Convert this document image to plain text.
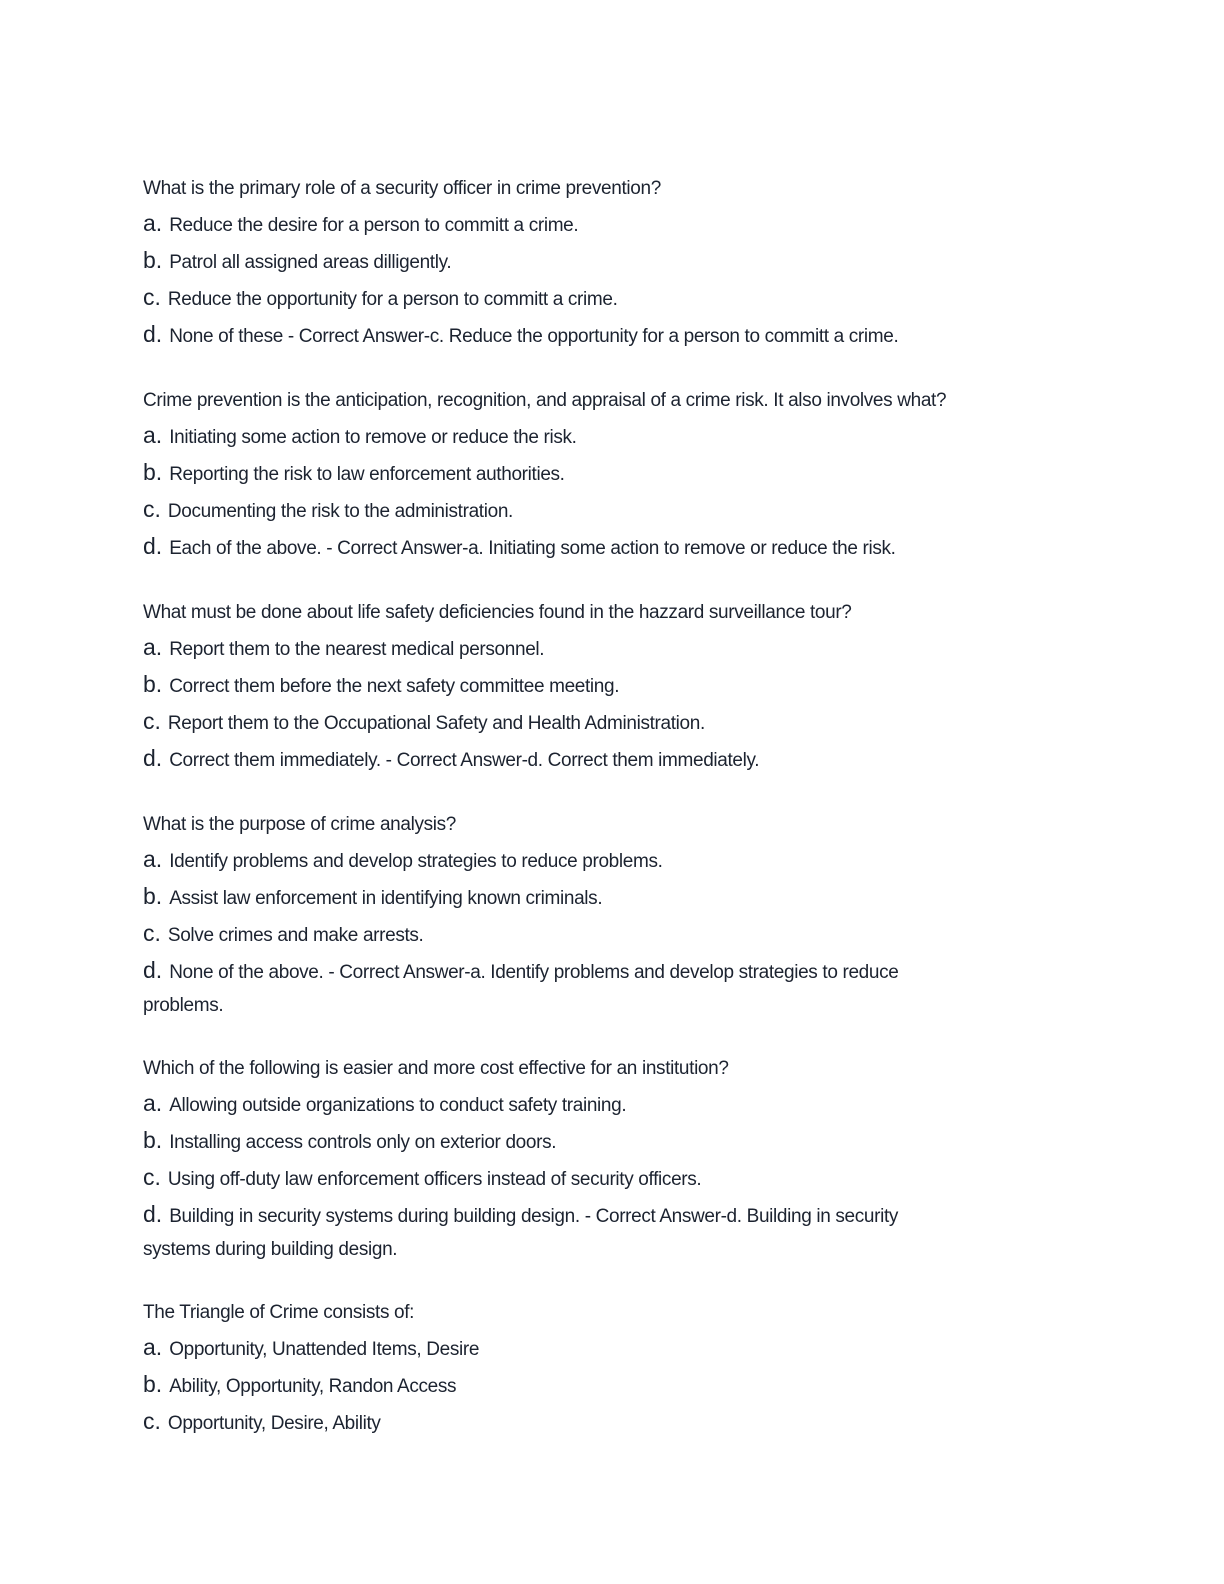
What is the primary role of a security officer in crime prevention?
a. Reduce the desire for a person to committ a crime.
b. Patrol all assigned areas dilligently.
c. Reduce the opportunity for a person to committ a crime.
d. None of these - Correct Answer-c. Reduce the opportunity for a person to committ a crime.
Crime prevention is the anticipation, recognition, and appraisal of a crime risk. It also involves what?
a. Initiating some action to remove or reduce the risk.
b. Reporting the risk to law enforcement authorities.
c. Documenting the risk to the administration.
d. Each of the above. - Correct Answer-a. Initiating some action to remove or reduce the risk.
What must be done about life safety deficiencies found in the hazzard surveillance tour?
a. Report them to the nearest medical personnel.
b. Correct them before the next safety committee meeting.
c. Report them to the Occupational Safety and Health Administration.
d. Correct them immediately. - Correct Answer-d. Correct them immediately.
What is the purpose of crime analysis?
a. Identify problems and develop strategies to reduce problems.
b. Assist law enforcement in identifying known criminals.
c. Solve crimes and make arrests.
d. None of the above. - Correct Answer-a. Identify problems and develop strategies to reduce
problems.
Which of the following is easier and more cost effective for an institution?
a. Allowing outside organizations to conduct safety training.
b. Installing access controls only on exterior doors.
c. Using off-duty law enforcement officers instead of security officers.
d. Building in security systems during building design. - Correct Answer-d. Building in security
systems during building design.
The Triangle of Crime consists of:
a. Opportunity, Unattended Items, Desire
b. Ability, Opportunity, Randon Access
c. Opportunity, Desire, Ability
